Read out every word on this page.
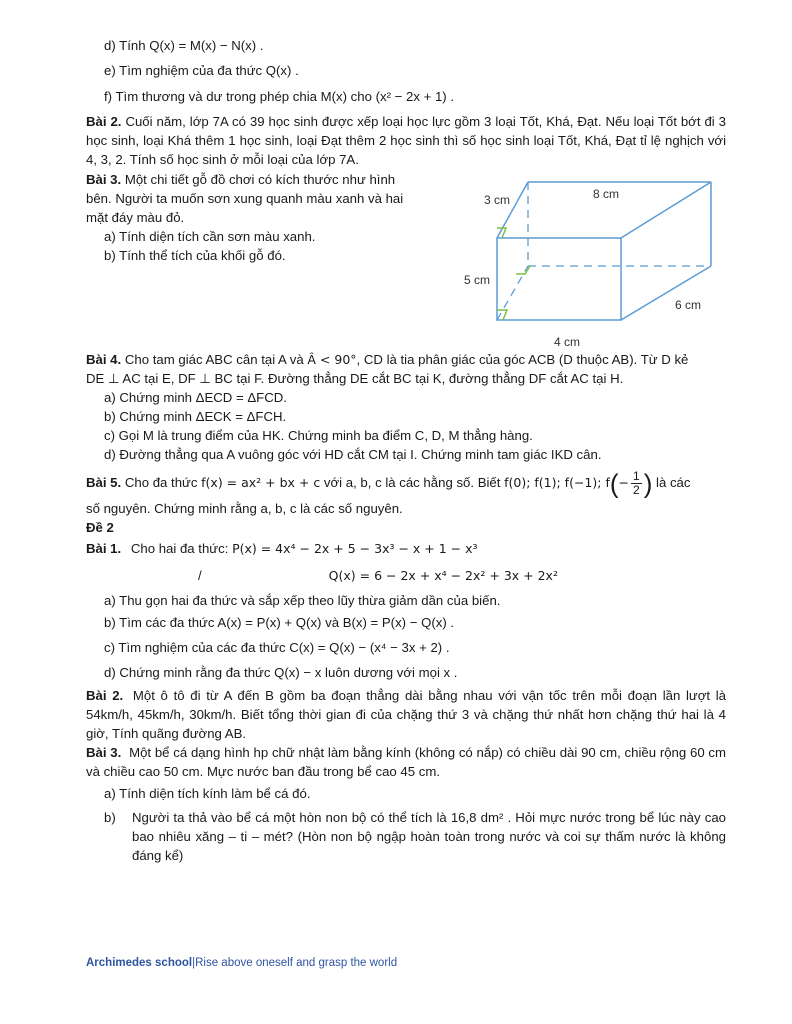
d) Tính Q(x) = M(x) − N(x) .
e) Tìm nghiệm của đa thức Q(x) .
f) Tìm thương và dư trong phép chia M(x) cho (x² − 2x + 1) .
Bài 2. Cuối năm, lớp 7A có 39 học sinh được xếp loại học lực gồm 3 loại Tốt, Khá, Đạt. Nếu loại Tốt bớt đi 3 học sinh, loại Khá thêm 1 học sinh, loại Đạt thêm 2 học sinh thì số học sinh loại Tốt, Khá, Đạt tỉ lệ nghịch với 4, 3, 2. Tính số học sinh ở mỗi loại của lớp 7A.
Bài 3. Một chi tiết gỗ đồ chơi có kích thước như hình
bên. Người ta muốn sơn xung quanh màu xanh và hai
mặt đáy màu đỏ.
a) Tính diện tích cần sơn màu xanh.
b) Tính thể tích của khối gỗ đó.
Bài 4. Cho tam giác ABC cân tại A và Â < 90°, CD là tia phân giác của góc ACB (D thuộc AB). Từ D kẻ
DE ⊥ AC tại E, DF ⊥ BC tại F. Đường thẳng DE cắt BC tại K, đường thẳng DF cắt AC tại H.
a) Chứng minh ΔECD = ΔFCD.
b) Chứng minh ΔECK = ΔFCH.
c) Gọi M là trung điểm của HK. Chứng minh ba điểm C, D, M thẳng hàng.
d) Đường thẳng qua A vuông góc với HD cắt CM tại I. Chứng minh tam giác IKD cân.
Bài 5. Cho đa thức f(x) = ax² + bx + c với a, b, c là các hằng số. Biết f(0); f(1); f(−1); $f(- \frac{1}{2}$ ) là các
số nguyên. Chứng minh rằng a, b, c là các số nguyên.
Đề 2
Bài 1. Cho hai đa thức: P(x) = 4x⁴ − 2x + 5 − 3x³ − x + 1 − x³
/	Q(x) = 6 − 2x + x⁴ − 2x² + 3x + 2x²
a) Thu gọn hai đa thức và sắp xếp theo lũy thừa giảm dần của biến.
b) Tìm các đa thức A(x) = P(x) + Q(x) và B(x) = P(x) − Q(x) .
c) Tìm nghiệm của các đa thức C(x) = Q(x) − (x⁴ − 3x + 2) .
d) Chứng minh rằng đa thức Q(x) − x luôn dương với mọi x .
Bài 2. Một ô tô đi từ A đến B gồm ba đoạn thẳng dài bằng nhau với vận tốc trên mỗi đoạn lần lượt là 54km/h, 45km/h, 30km/h. Biết tổng thời gian đi của chặng thứ 3 và chặng thứ nhất hơn chặng thứ hai là 4 giờ, Tính quãng đường AB.
Bài 3. Một bể cá dạng hình hp chữ nhật làm bằng kính (không có nắp) có chiều dài 90 cm, chiều rộng 60 cm và chiều cao 50 cm. Mực nước ban đầu trong bể cao 45 cm.
a) Tính diện tích kính làm bể cá đó.
b)	Người ta thả vào bể cá một hòn non bộ có thể tích là 16,8 dm² . Hỏi mực nước trong bể lúc này cao bao nhiêu xăng – ti – mét? (Hòn non bộ ngập hoàn toàn trong nước và coi sự thấm nước là không đáng kể)
3 cm	8 cm
5 cm
6 cm
4 cm
Archimedes school|Rise above oneself and grasp the world
